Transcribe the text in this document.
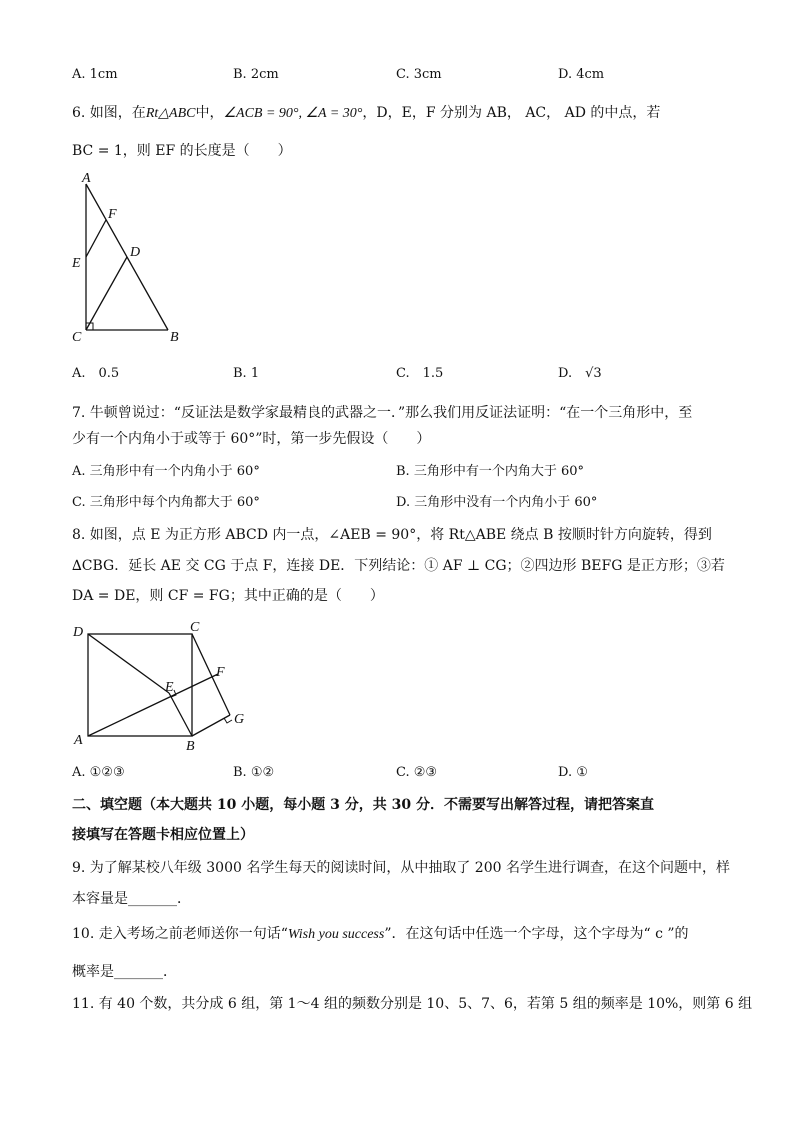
A. 1cm	B. 2cm	C. 3cm	D. 4cm
6. 如图，在Rt△ABC中，∠ACB = 90°, ∠A = 30°，D，E，F 分别为 AB， AC， AD 的中点，若
BC = 1，则 EF 的长度是（　　）
A
F
D
E
C	B
A.　0.5	B. 1	C.　1.5	D.　√3
7. 牛顿曾说过：“反证法是数学家最精良的武器之一．”那么我们用反证法证明：“在一个三角形中，至
少有一个内角小于或等于 60°”时，第一步先假设（　　）
A. 三角形中有一个内角小于 60°	B. 三角形中有一个内角大于 60°
C. 三角形中每个内角都大于 60°	D. 三角形中没有一个内角小于 60°
8. 如图，点 E 为正方形 ABCD 内一点，∠AEB = 90°，将 Rt△ABE 绕点 B 按顺时针方向旋转，得到
∆CBG．延长 AE 交 CG 于点 F，连接 DE．下列结论：① AF ⊥ CG；②四边形 BEFG 是正方形；③若
DA = DE，则 CF = FG；其中正确的是（　　）
D	C
F
E
G
A	B
A. ①②③	B. ①②	C. ②③	D. ①
二、填空题（本大题共 10 小题，每小题 3 分，共 30 分．不需要写出解答过程，请把答案直
接填写在答题卡相应位置上）
9. 为了解某校八年级 3000 名学生每天的阅读时间，从中抽取了 200 名学生进行调查，在这个问题中，样
本容量是_______．
10. 走入考场之前老师送你一句话“Wish you success”．在这句话中任选一个字母，这个字母为“ c ”的
概率是_______．
11. 有 40 个数，共分成 6 组，第 1～4 组的频数分别是 10、5、7、6，若第 5 组的频率是 10%，则第 6 组
